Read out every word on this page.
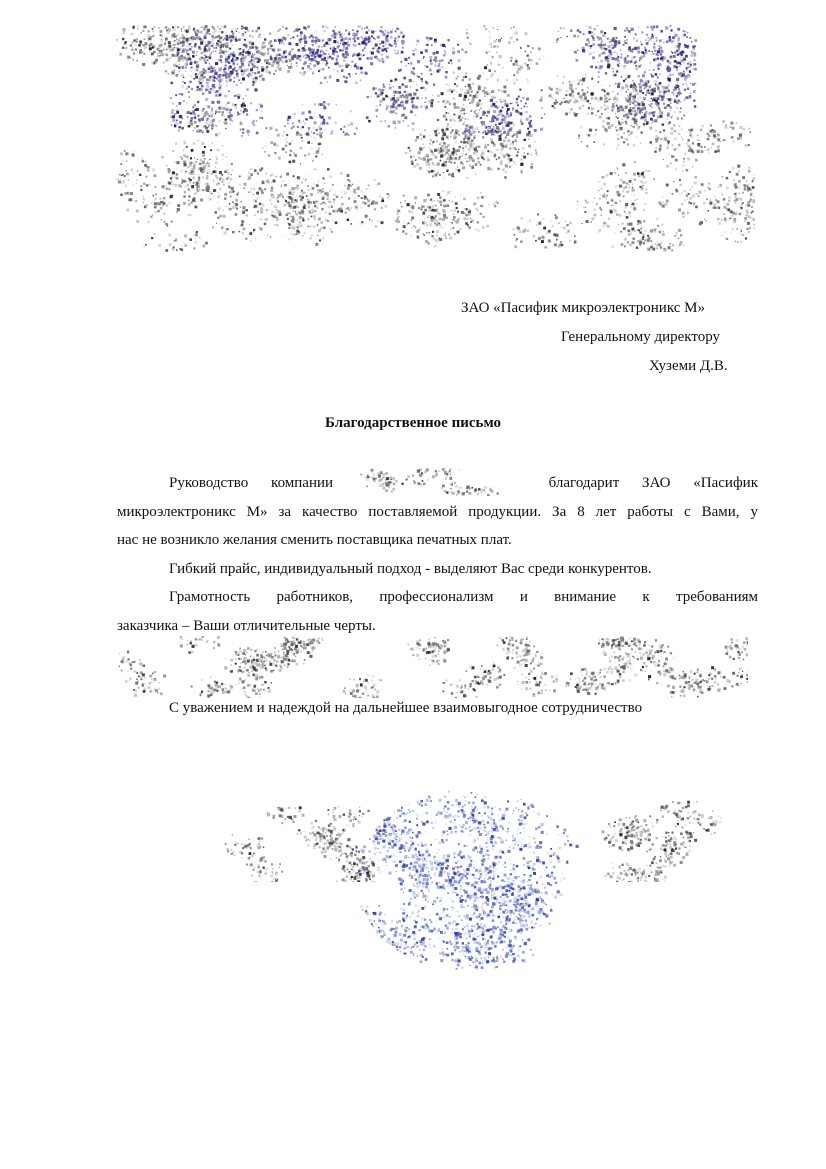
ЗАО «Пасифик микроэлектроникс М»
Генеральному директору
Хуземи Д.В.
Благодарственное письмо
Руководство компании	благодарит ЗАО «Пасифик
микроэлектроникс М» за качество поставляемой продукции. За 8 лет работы с Вами, у
нас не возникло желания сменить поставщика печатных плат.
Гибкий прайс, индивидуальный подход - выделяют Вас среди конкурентов.
Грамотность работников, профессионализм и внимание к требованиям
заказчика – Ваши отличительные черты.
С уважением и надеждой на дальнейшее взаимовыгодное сотрудничество
